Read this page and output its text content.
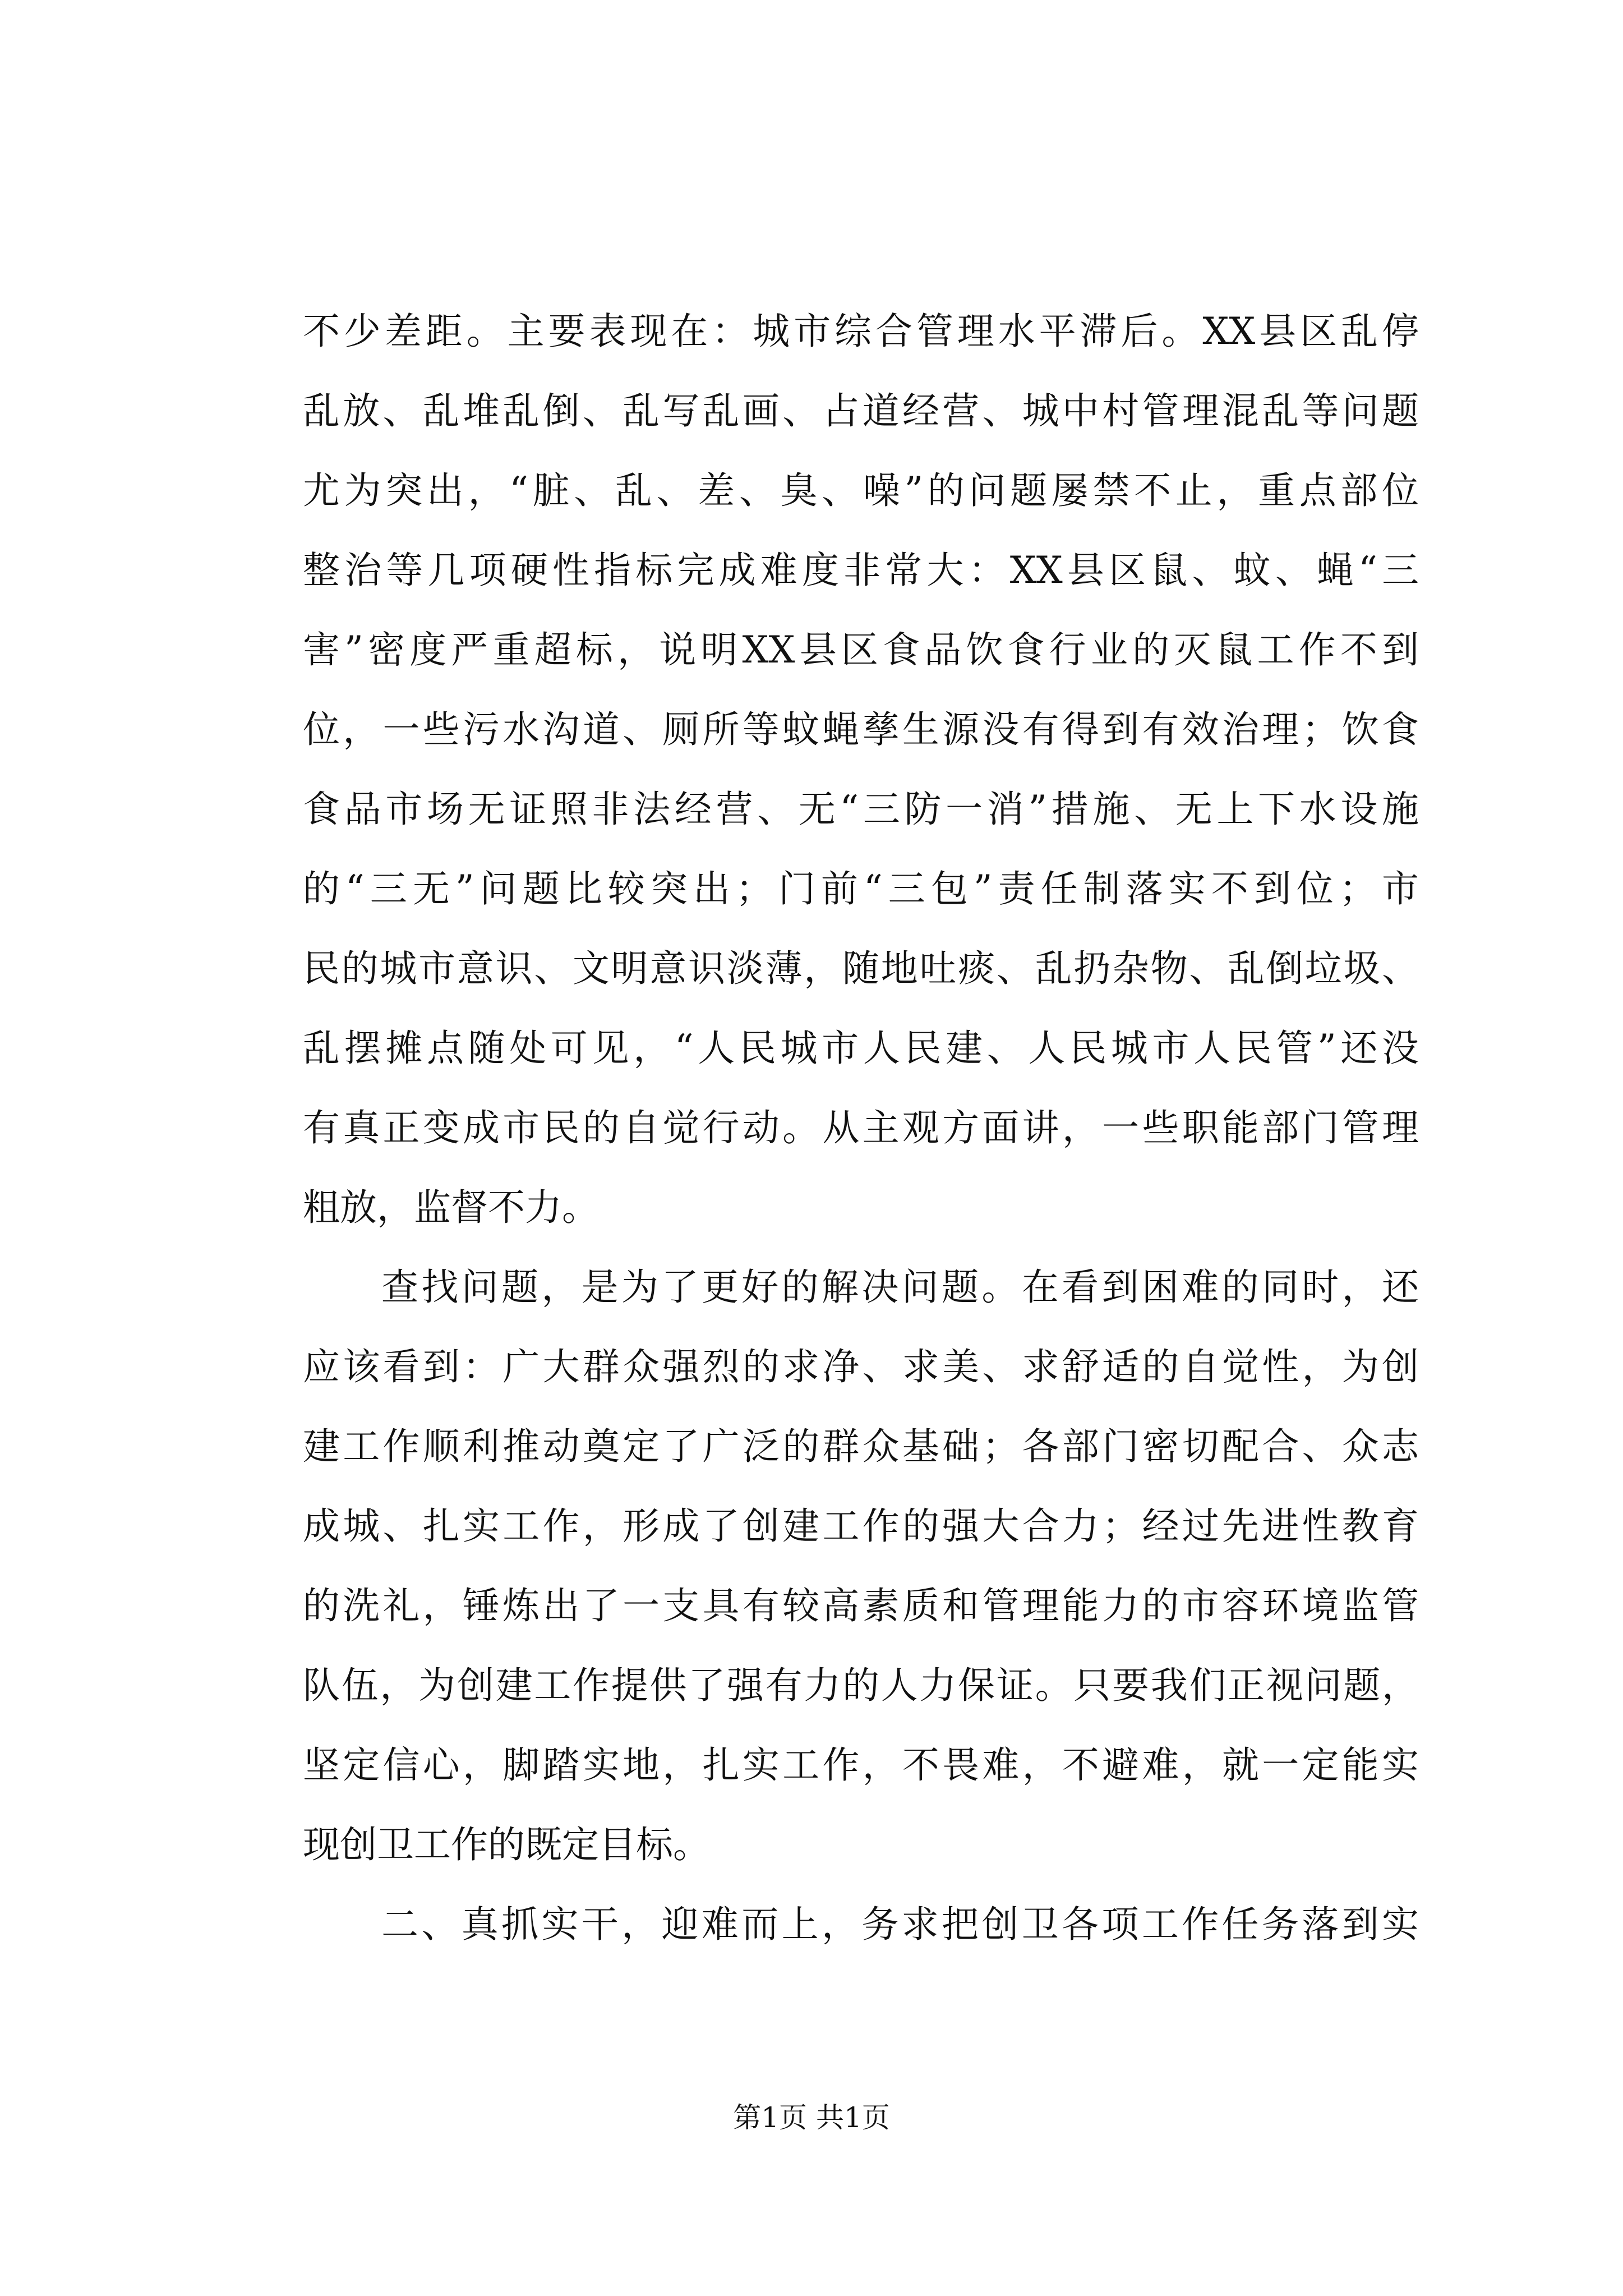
不少差距。主要表现在：城市综合管理水平滞后。XX县区乱停
乱放、乱堆乱倒、乱写乱画、占道经营、城中村管理混乱等问题
尤为突出，“脏、乱、差、臭、噪”的问题屡禁不止，重点部位
整治等几项硬性指标完成难度非常大：XX县区鼠、蚊、蝇“三
害”密度严重超标，说明XX县区食品饮食行业的灭鼠工作不到
位，一些污水沟道、厕所等蚊蝇孳生源没有得到有效治理；饮食
食品市场无证照非法经营、无“三防一消”措施、无上下水设施
的“三无”问题比较突出；门前“三包”责任制落实不到位；市
民的城市意识、文明意识淡薄，随地吐痰、乱扔杂物、乱倒垃圾、
乱摆摊点随处可见，“人民城市人民建、人民城市人民管”还没
有真正变成市民的自觉行动。从主观方面讲，一些职能部门管理
粗放，监督不力。
查找问题，是为了更好的解决问题。在看到困难的同时，还
应该看到：广大群众强烈的求净、求美、求舒适的自觉性，为创
建工作顺利推动奠定了广泛的群众基础；各部门密切配合、众志
成城、扎实工作，形成了创建工作的强大合力；经过先进性教育
的洗礼，锤炼出了一支具有较高素质和管理能力的市容环境监管
队伍，为创建工作提供了强有力的人力保证。只要我们正视问题，
坚定信心，脚踏实地，扎实工作，不畏难，不避难，就一定能实
现创卫工作的既定目标。
二、真抓实干，迎难而上，务求把创卫各项工作任务落到实
第1页 共1页
